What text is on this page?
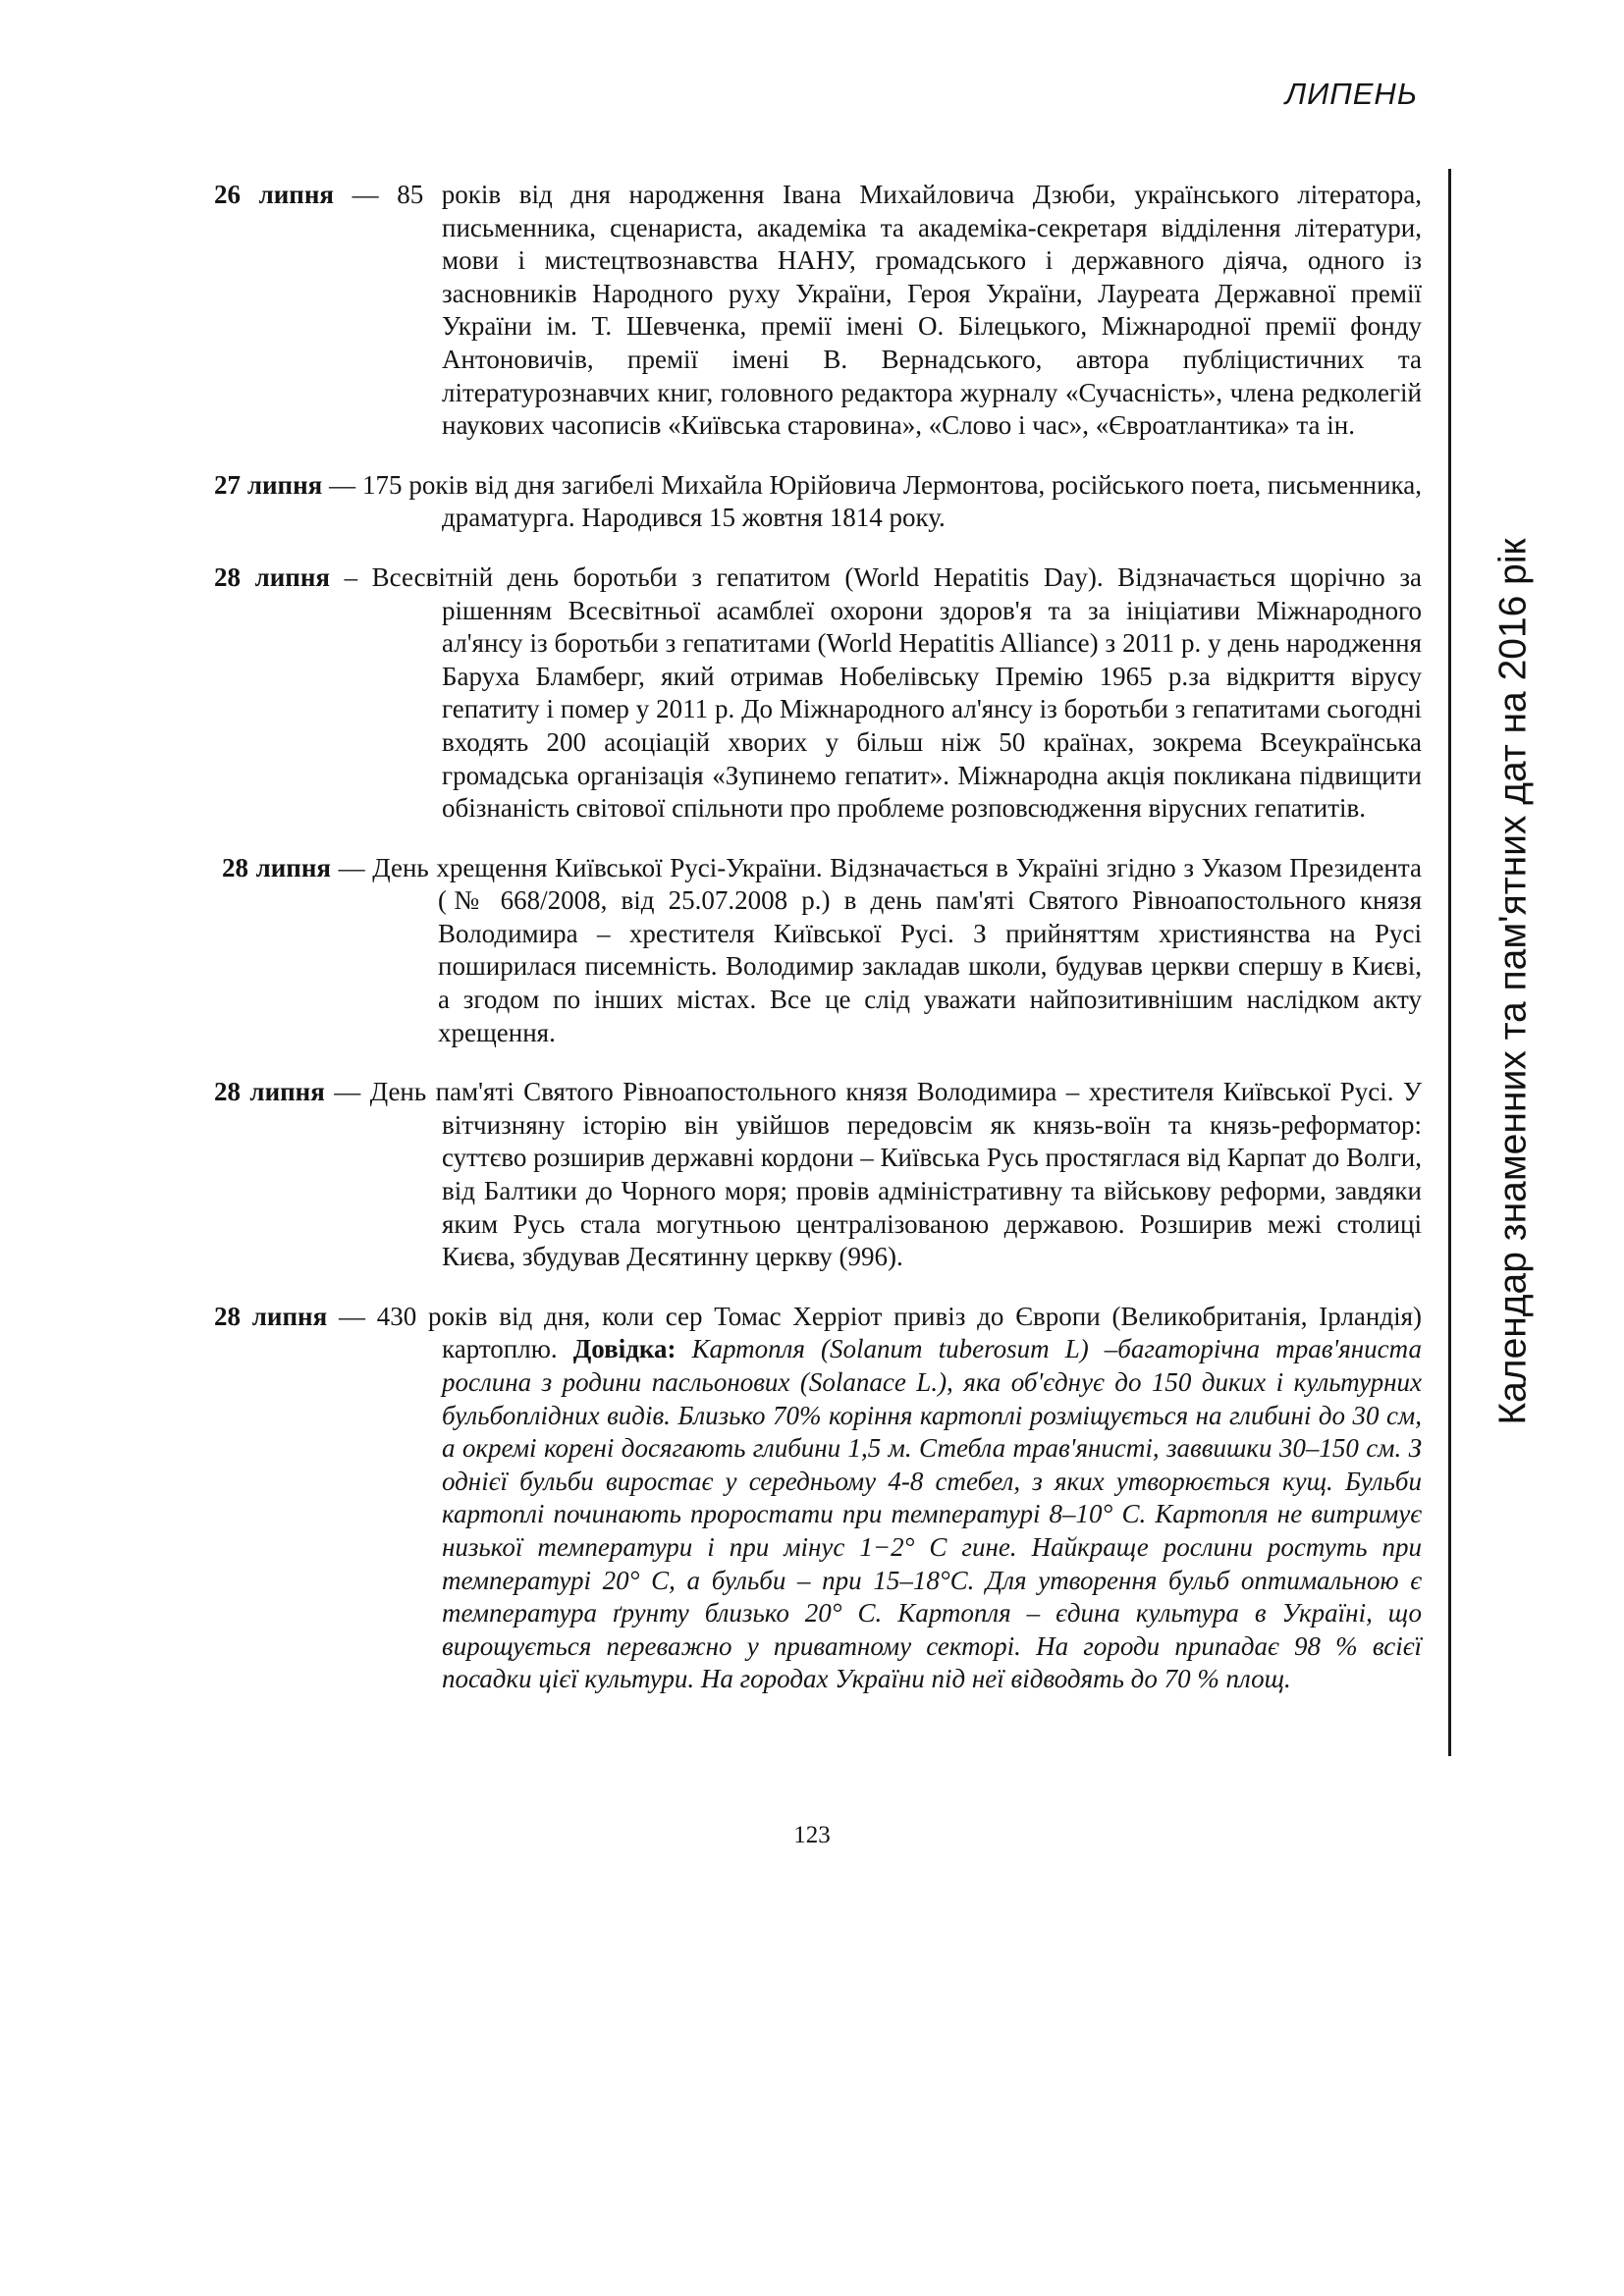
ЛИПЕНЬ
Календар знаменних та пам'ятних дат на 2016 рік

26 липня — 85 років від дня народження Івана Михайловича Дзюби, українського літератора, письменника, сценариста, академіка та академіка-секретаря відділення літератури, мови і мистецтвознавства НАНУ, громадського і державного діяча, одного із засновників Народного руху України, Героя України, Лауреата Державної премії України ім. Т. Шевченка, премії імені О. Білецького, Міжнародної премії фонду Антоновичів, премії імені В. Вернадського, автора публіцистичних та літературознавчих книг, головного редактора журналу «Сучасність», члена редколегій наукових часописів «Київська старовина», «Слово і час», «Євроатлантика» та ін.

27 липня — 175 років від дня загибелі Михайла Юрійовича Лермонтова, російського поета, письменника, драматурга. Народився 15 жовтня 1814 року.

28 липня – Всесвітній день боротьби з гепатитом (World Hepatitis Day). Відзначається щорічно за рішенням Всесвітньої асамблеї охорони здоров'я та за ініціативи Міжнародного ал'янсу із боротьби з гепатитами (World Hepatitis Alliance) з 2011 р. у день народження Баруха Бламберг, який отримав Нобелівську Премію 1965 р.за відкриття вірусу гепатиту і помер у 2011 р. До Міжнародного ал'янсу із боротьби з гепатитами сьогодні входять 200 асоціацій хворих у більш ніж 50 країнах, зокрема Всеукраїнська громадська організація «Зупинемо гепатит». Міжнародна акція покликана підвищити обізнаність світової спільноти про проблеме розповсюдження вірусних гепатитів.

28 липня — День хрещення Київської Русі-України. Відзначається в Україні згідно з Указом Президента (№ 668/2008, від 25.07.2008 р.) в день пам'яті Святого Рівноапостольного князя Володимира – хрестителя Київської Русі. З прийняттям християнства на Русі поширилася писемність. Володимир закладав школи, будував церкви спершу в Києві, а згодом по інших містах. Все це слід уважати найпозитивнішим наслідком акту хрещення.

28 липня — День пам'яті Святого Рівноапостольного князя Володимира – хрестителя Київської Русі. У вітчизняну історію він увійшов передовсім як князь-воїн та князь-реформатор: суттєво розширив державні кордони – Київська Русь простяглася від Карпат до Волги, від Балтики до Чорного моря; провів адміністративну та військову реформи, завдяки яким Русь стала могутньою централізованою державою. Розширив межі столиці Києва, збудував Десятинну церкву (996).

28 липня — 430 років від дня, коли сер Томас Херріот привіз до Європи (Великобританія, Ірландія) картоплю. Довідка: Картопля (Solanum tuberosum L) –багаторічна трав'яниста рослина з родини пасльонових (Solanace L.), яка об'єднує до 150 диких і культурних бульбоплідних видів. Близько 70% коріння картоплі розміщується на глибині до 30 см, а окремі корені досягають глибини 1,5 м. Стебла трав'янисті, заввишки 30–150 см. З однієї бульби виростає у середньому 4-8 стебел, з яких утворюється кущ. Бульби картоплі починають проростати при температурі 8–10° С. Картопля не витримує низької температури і при мінус 1−2° С гине. Найкраще рослини ростуть при температурі 20° С, а бульби – при 15–18°С. Для утворення бульб оптимальною є температура ґрунту близько 20° С. Картопля – єдина культура в Україні, що вирощується переважно у приватному секторі. На городи припадає 98 % всієї посадки цієї культури. На городах України під неї відводять до 70 % площ.

123
